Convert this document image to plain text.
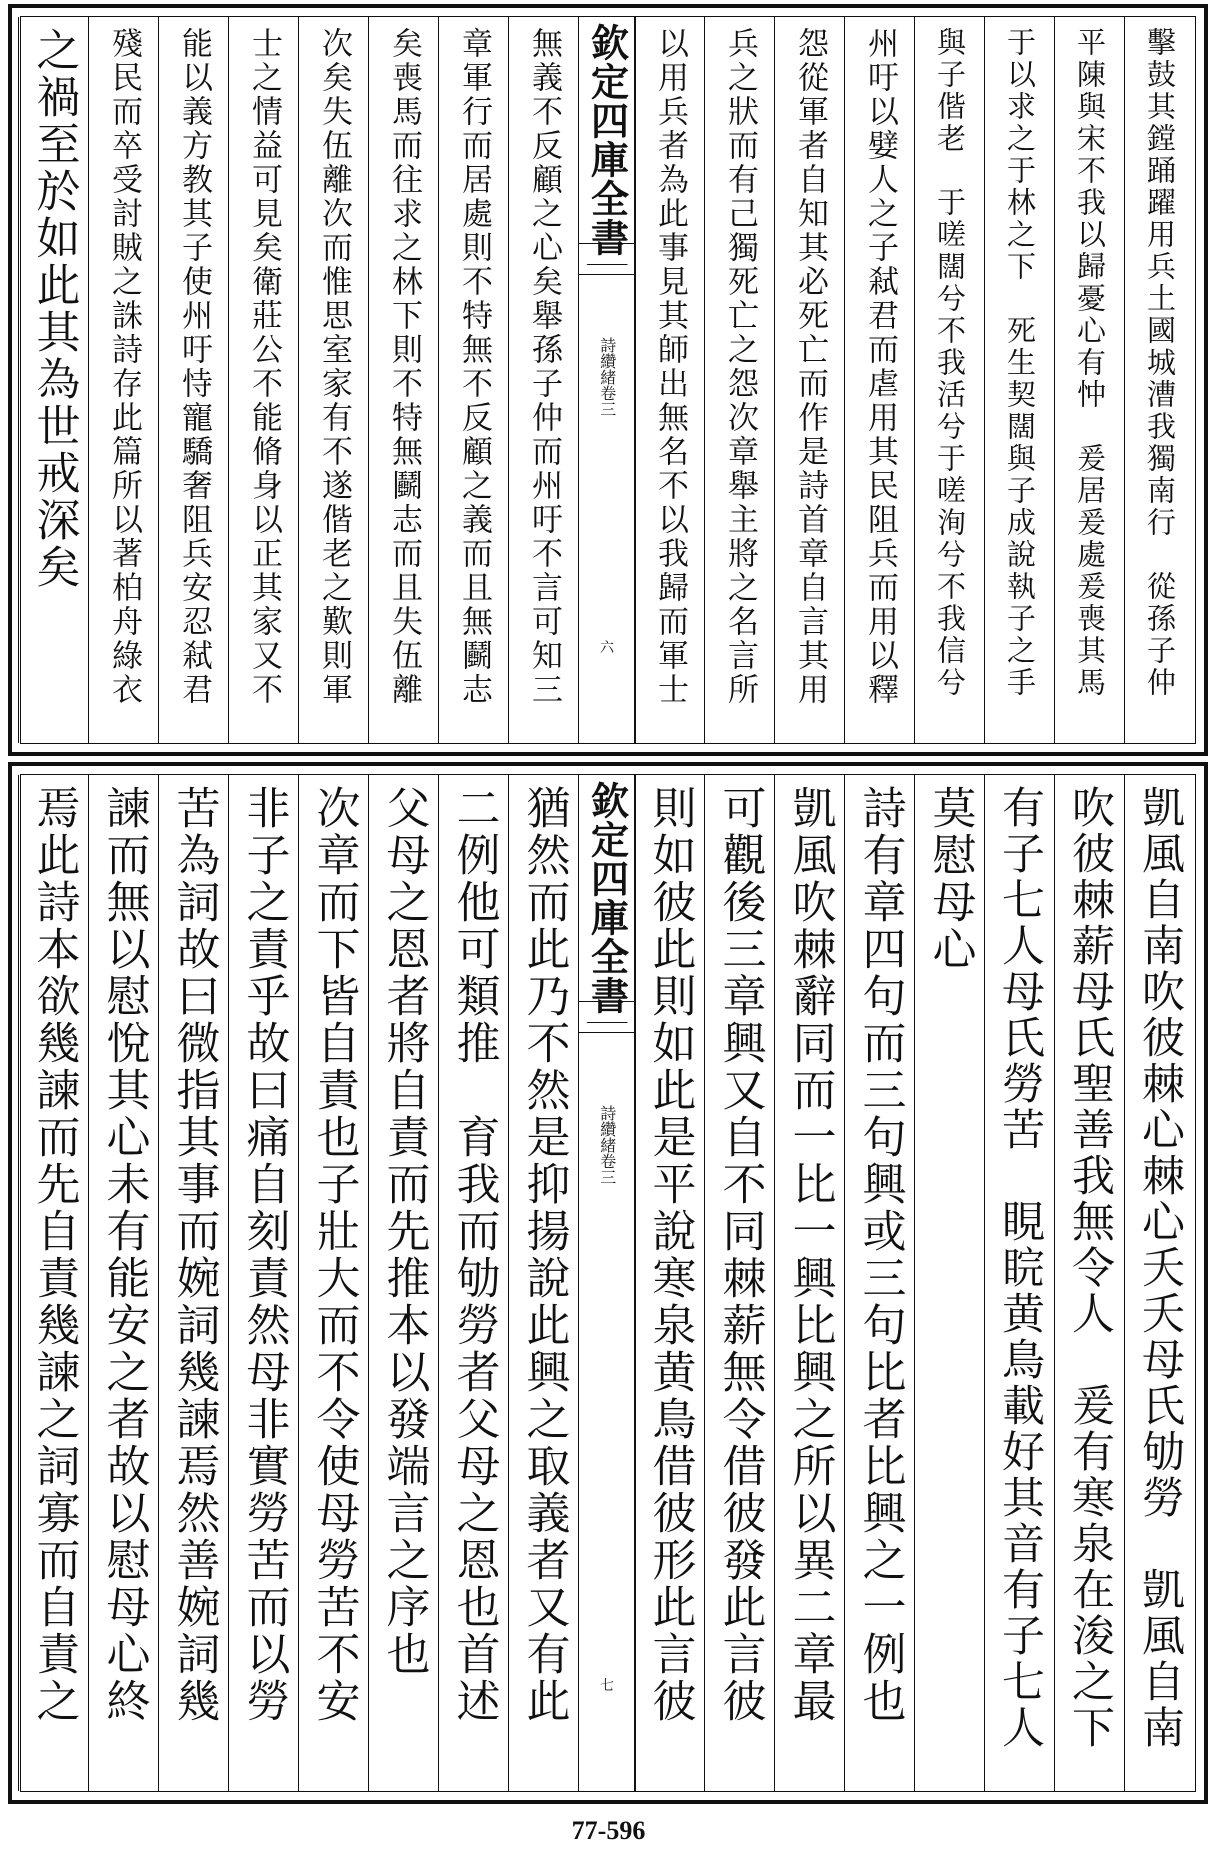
擊鼓其鏜踊躍用兵土國城漕我獨南行　從孫子仲
平陳與宋不我以歸憂心有忡　爰居爰處爰喪其馬
于以求之于林之下　死生契闊與子成說執子之手
與子偕老　于嗟闊兮不我活兮于嗟洵兮不我信兮
州吁以嬖人之子弒君而虐用其民阻兵而用以釋
怨從軍者自知其必死亡而作是詩首章自言其用
兵之狀而有己獨死亡之怨次章舉主將之名言所
以用兵者為此事見其師出無名不以我歸而軍士
欽定四庫全書
詩纘緒卷三
六
無義不反顧之心矣舉孫子仲而州吁不言可知三
章軍行而居處則不特無不反顧之義而且無鬬志
矣喪馬而往求之林下則不特無鬬志而且失伍離
次矣失伍離次而惟思室家有不遂偕老之歎則軍
士之情益可見矣衛莊公不能脩身以正其家又不
能以義方教其子使州吁恃寵驕奢阻兵安忍弒君
殘民而卒受討賊之誅詩存此篇所以著柏舟綠衣
之禍至於如此其為世戒深矣
凱風自南吹彼棘心棘心夭夭母氏劬勞　凱風自南
吹彼棘薪母氏聖善我無令人　爰有寒泉在浚之下
有子七人母氏勞苦　睍睆黄鳥載好其音有子七人
莫慰母心
詩有章四句而三句興或三句比者比興之一例也
凱風吹棘辭同而一比一興比興之所以異二章最
可觀後三章興又自不同棘薪無令借彼發此言彼
則如彼此則如此是平說寒泉黄鳥借彼形此言彼
欽定四庫全書
詩纘緒卷三
七
猶然而此乃不然是抑揚說此興之取義者又有此
二例他可類推　育我而劬勞者父母之恩也首述
父母之恩者將自責而先推本以發端言之序也
次章而下皆自責也子壯大而不令使母勞苦不安
非子之責乎故曰痛自刻責然母非實勞苦而以勞
苦為詞故曰微指其事而婉詞幾諫焉然善婉詞幾
諫而無以慰悅其心未有能安之者故以慰母心終
焉此詩本欲幾諫而先自責幾諫之詞寡而自責之
77-596
